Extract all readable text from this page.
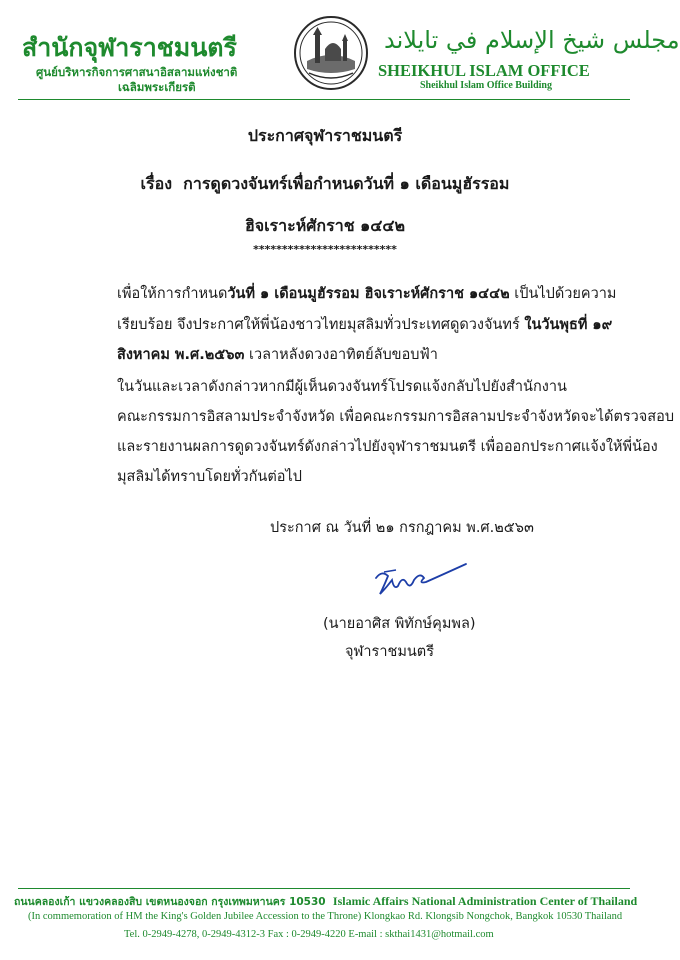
สำนักจุฬาราชมนตรี
ศูนย์บริหารกิจการศาสนาอิสลามแห่งชาติ
เฉลิมพระเกียรติ
مجلس شيخ الإسلام في تايلاند
SHEIKHUL ISLAM OFFICE
Sheikhul Islam Office Building
ประกาศจุฬาราชมนตรี
เรื่อง การดูดวงจันทร์เพื่อกำหนดวันที่ ๑ เดือนมูฮัรรอม
ฮิจเราะห์ศักราช ๑๔๔๒
*************************
เพื่อให้การกำหนดวันที่ ๑ เดือนมูฮัรรอม ฮิจเราะห์ศักราช ๑๔๔๒ เป็นไปด้วยความ
เรียบร้อย จึงประกาศให้พี่น้องชาวไทยมุสลิมทั่วประเทศดูดวงจันทร์ ในวันพุธที่ ๑๙
สิงหาคม พ.ศ.๒๕๖๓ เวลาหลังดวงอาทิตย์ลับขอบฟ้า
ในวันและเวลาดังกล่าวหากมีผู้เห็นดวงจันทร์โปรดแจ้งกลับไปยังสำนักงาน
คณะกรรมการอิสลามประจำจังหวัด เพื่อคณะกรรมการอิสลามประจำจังหวัดจะได้ตรวจสอบ
และรายงานผลการดูดวงจันทร์ดังกล่าวไปยังจุฬาราชมนตรี เพื่อออกประกาศแจ้งให้พี่น้อง
มุสลิมได้ทราบโดยทั่วกันต่อไป
ประกาศ ณ วันที่ ๒๑ กรกฎาคม พ.ศ.๒๕๖๓
(นายอาศิส พิทักษ์คุมพล)
จุฬาราชมนตรี
ถนนคลองเก้า แขวงคลองสิบ เขตหนองจอก กรุงเทพมหานคร 10530 Islamic Affairs National Administration Center of Thailand
(In commemoration of HM the King's Golden Jubilee Accession to the Throne) Klongkao Rd. Klongsib Nongchok, Bangkok 10530 Thailand
Tel. 0-2949-4278, 0-2949-4312-3 Fax : 0-2949-4220 E-mail : skthai1431@hotmail.com
